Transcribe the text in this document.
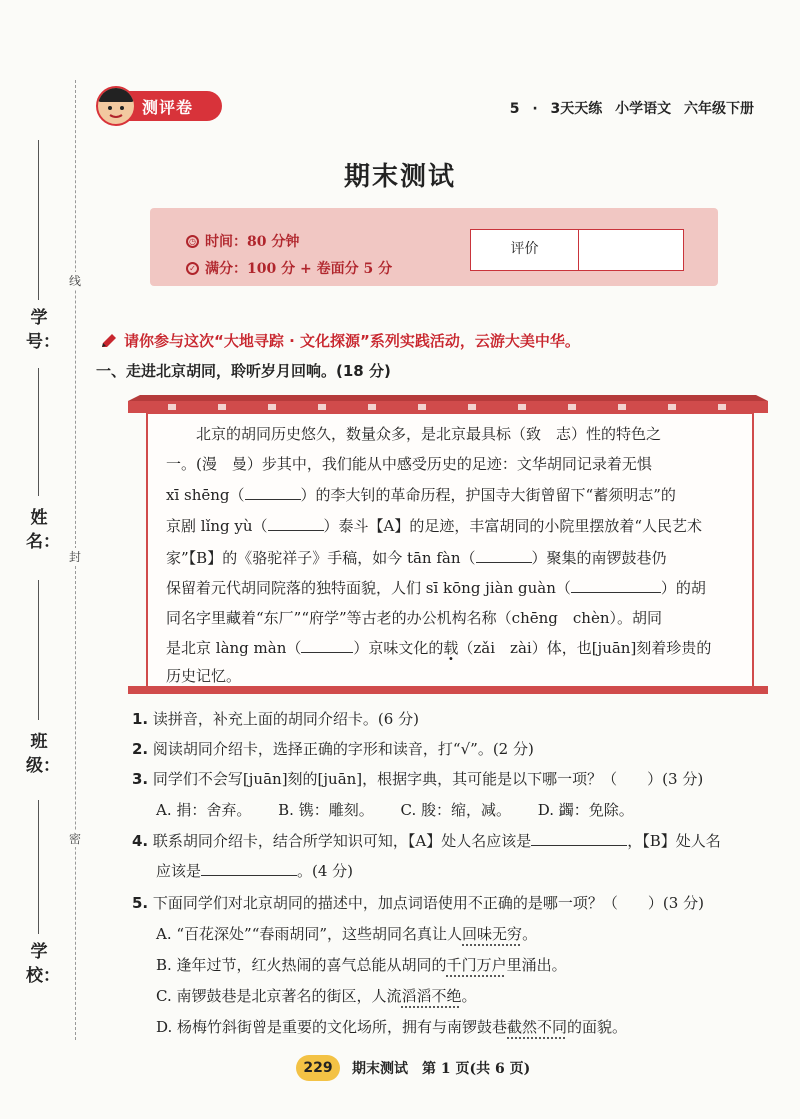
线
封
密
学号：
姓名：
班级：
学校：
测评卷	5 · 3天天练 小学语文 六年级下册
期末测试
◷ 时间：80 分钟
✓ 满分：100 分 + 卷面分 5 分
评价
请你参与这次“大地寻踪 · 文化探源”系列实践活动，云游大美中华。
一、走进北京胡同，聆听岁月回响。(18 分)
北京的胡同历史悠久，数量众多，是北京最具标（致　志）性的特色之
一。(漫　曼）步其中，我们能从中感受历史的足迹：文华胡同记录着无惧
xī shēng（	）的李大钊的革命历程，护国寺大街曾留下“蓄须明志”的
京剧 lǐng yù（	）泰斗【A】的足迹，丰富胡同的小院里摆放着“人民艺术
家”【B】的《骆驼祥子》手稿，如今 tān fàn（	）聚集的南锣鼓巷仍
保留着元代胡同院落的独特面貌，人们 sī kōng jiàn guàn（	）的胡
同名字里藏着“东厂”“府学”等古老的办公机构名称（chēng　chèn）。胡同
是北京 làng màn（	）京味文化的载（zǎi　zài）体，也[juān]刻着珍贵的
历史记忆。
1. 读拼音，补充上面的胡同介绍卡。(6 分)
2. 阅读胡同介绍卡，选择正确的字形和读音，打“√”。(2 分)
3. 同学们不会写[juān]刻的[juān]，根据字典，其可能是以下哪一项？（　　）(3 分)
A. 捐：舍弃。 B. 镌：雕刻。 C. 朘：缩，减。 D. 蠲：免除。
4. 联系胡同介绍卡，结合所学知识可知，【A】处人名应该是	，【B】处人名
应该是	。(4 分)
5. 下面同学们对北京胡同的描述中，加点词语使用不正确的是哪一项？（　　）(3 分)
A. “百花深处”“春雨胡同”，这些胡同名真让人回味无穷。
B. 逢年过节，红火热闹的喜气总能从胡同的千门万户里涌出。
C. 南锣鼓巷是北京著名的街区，人流滔滔不绝。
D. 杨梅竹斜街曾是重要的文化场所，拥有与南锣鼓巷截然不同的面貌。
229	期末测试　第 1 页(共 6 页)
